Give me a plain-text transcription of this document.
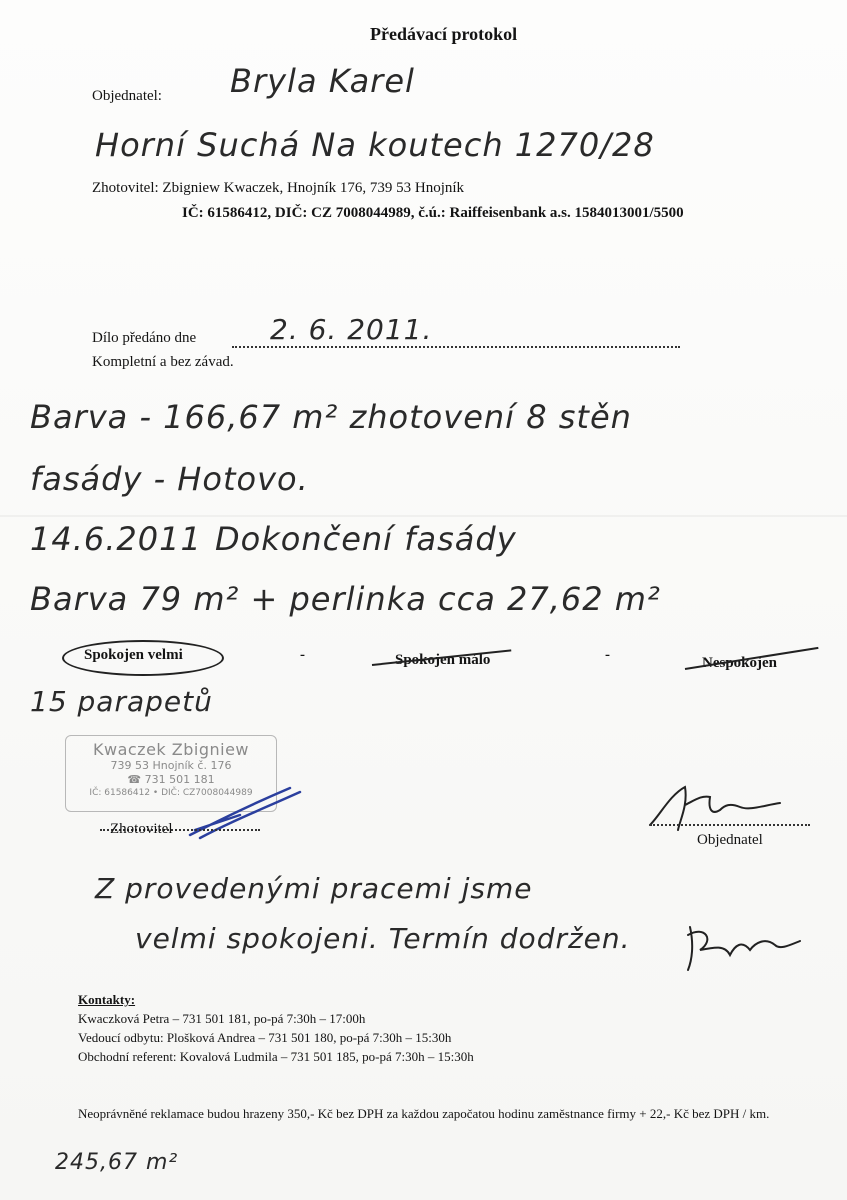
Předávací protokol
Objednatel: Bryla Karel
Horní Suchá Na koutech 1270/28
Zhotovitel: Zbigniew Kwaczek, Hnojník 176, 739 53 Hnojník
IČ: 61586412, DIČ: CZ 7008044989, č.ú.: Raiffeisenbank a.s. 1584013001/5500
Dílo předáno dne	2. 6. 2011.
Kompletní a bez závad.
Barva - 166,67 m² zhotovení 8 stěn
fasády - Hotovo.
14.6.2011 Dokončení fasády
Barva 79 m² + perlinka cca 27,62 m²
Spokojen velmi	-	Spokojen málo	-	Nespokojen
15 parapetů
Kwaczek Zbigniew
739 53 Hnojník č. 176
☎ 731 501 181
IČ: 61586412 • DIČ: CZ7008044989
Zhotovitel
Objednatel
Z provedenými pracemi jsme
velmi spokojeni. Termín dodržen.
Kontakty:
Kwaczková Petra – 731 501 181, po-pá 7:30h – 17:00h
Vedoucí odbytu: Plošková Andrea – 731 501 180, po-pá 7:30h – 15:30h
Obchodní referent: Kovalová Ludmila – 731 501 185, po-pá 7:30h – 15:30h
Neoprávněné reklamace budou hrazeny 350,- Kč bez DPH za každou započatou hodinu zaměstnance firmy + 22,- Kč bez DPH / km.
245,67 m²
